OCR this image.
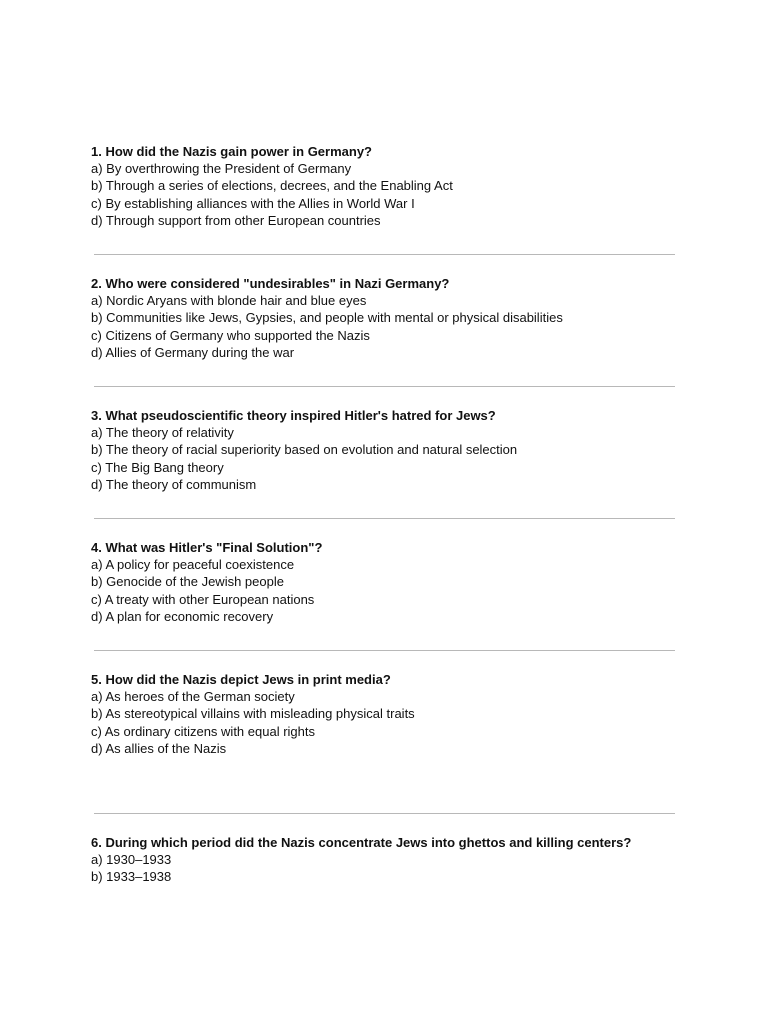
1. How did the Nazis gain power in Germany?

a) By overthrowing the President of Germany
b) Through a series of elections, decrees, and the Enabling Act
c) By establishing alliances with the Allies in World War I
d) Through support from other European countries

2. Who were considered "undesirables" in Nazi Germany?

a) Nordic Aryans with blonde hair and blue eyes
b) Communities like Jews, Gypsies, and people with mental or physical disabilities
c) Citizens of Germany who supported the Nazis
d) Allies of Germany during the war

3. What pseudoscientific theory inspired Hitler's hatred for Jews?

a) The theory of relativity
b) The theory of racial superiority based on evolution and natural selection
c) The Big Bang theory
d) The theory of communism

4. What was Hitler's "Final Solution"?

a) A policy for peaceful coexistence
b) Genocide of the Jewish people
c) A treaty with other European nations
d) A plan for economic recovery

5. How did the Nazis depict Jews in print media?

a) As heroes of the German society
b) As stereotypical villains with misleading physical traits
c) As ordinary citizens with equal rights
d) As allies of the Nazis

6. During which period did the Nazis concentrate Jews into ghettos and killing centers?

a) 1930–1933
b) 1933–1938
